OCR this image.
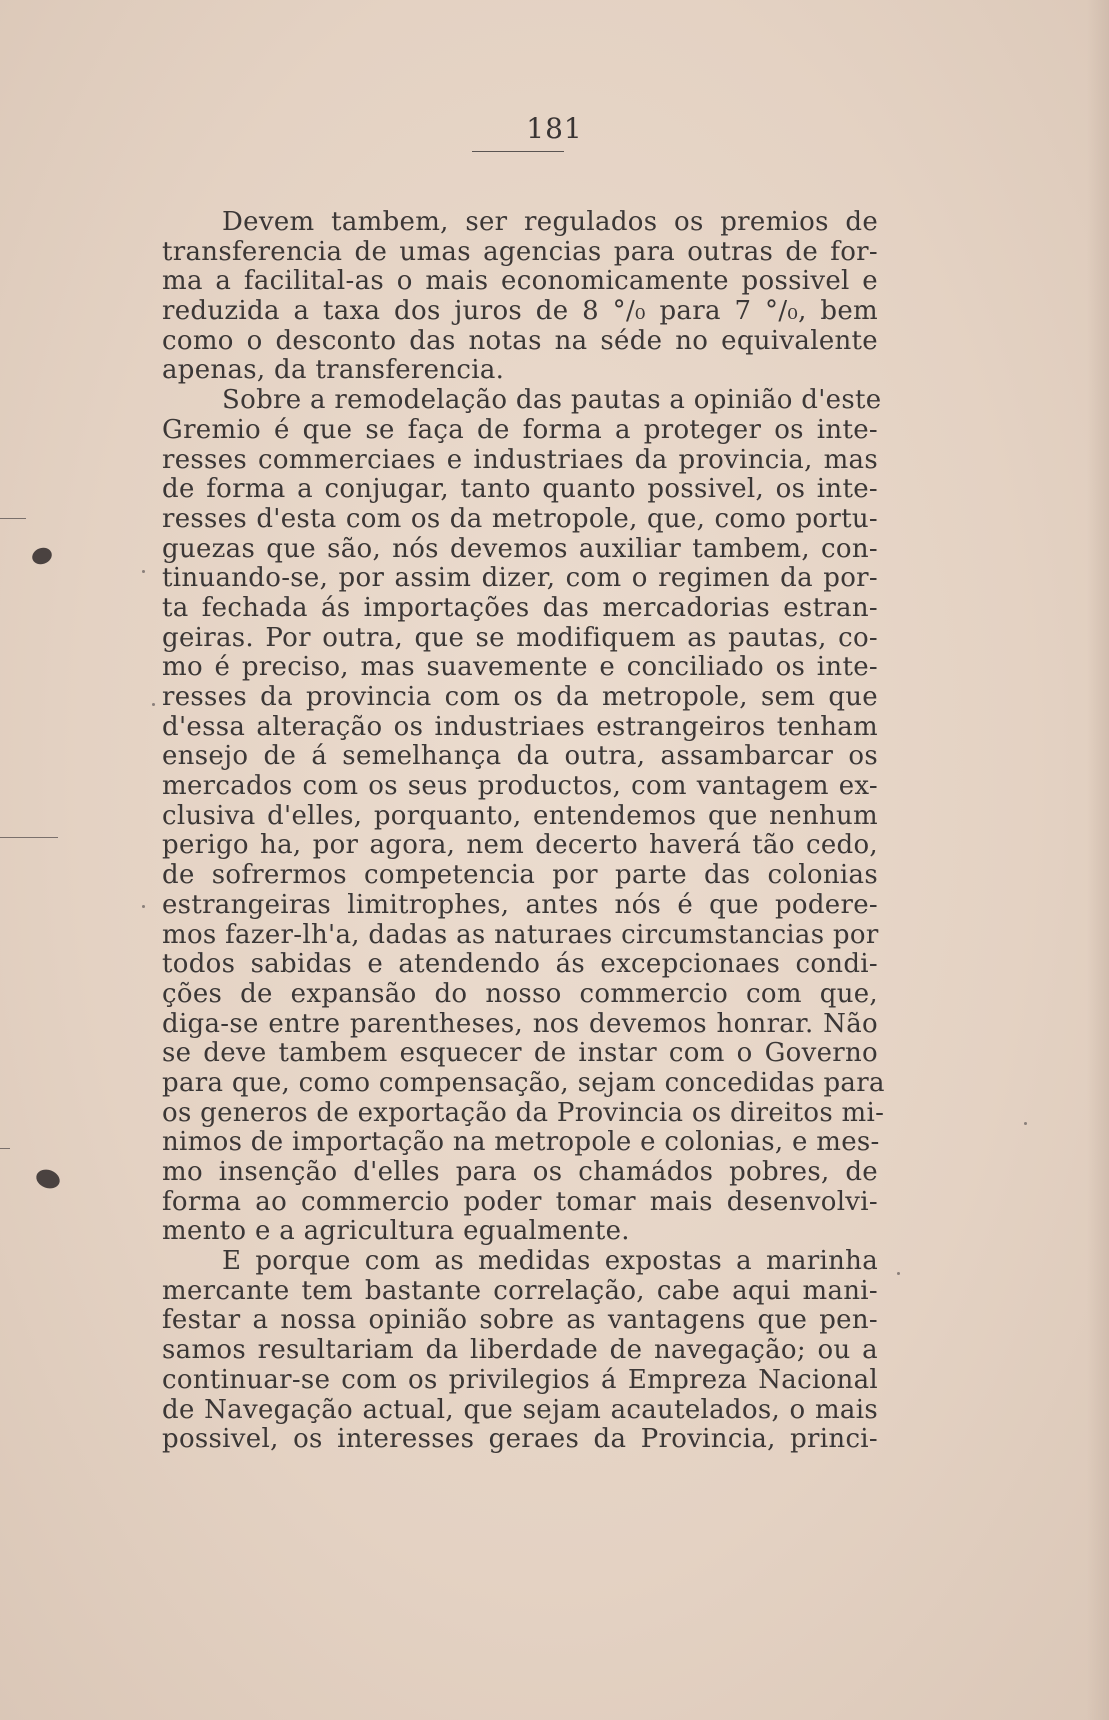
181
Devem tambem, ser regulados os premios de
transferencia de umas agencias para outras de for-
ma a facilital-as o mais economicamente possivel e
reduzida a taxa dos juros de 8 °/₀ para 7 °/₀, bem
como o desconto das notas na séde no equivalente
apenas, da transferencia.
Sobre a remodelação das pautas a opinião d'este
Gremio é que se faça de forma a proteger os inte-
resses commerciaes e industriaes da provincia, mas
de forma a conjugar, tanto quanto possivel, os inte-
resses d'esta com os da metropole, que, como portu-
guezas que são, nós devemos auxiliar tambem, con-
tinuando-se, por assim dizer, com o regimen da por-
ta fechada ás importações das mercadorias estran-
geiras. Por outra, que se modifiquem as pautas, co-
mo é preciso, mas suavemente e conciliado os inte-
resses da provincia com os da metropole, sem que
d'essa alteração os industriaes estrangeiros tenham
ensejo de á semelhança da outra, assambarcar os
mercados com os seus productos, com vantagem ex-
clusiva d'elles, porquanto, entendemos que nenhum
perigo ha, por agora, nem decerto haverá tão cedo,
de sofrermos competencia por parte das colonias
estrangeiras limitrophes, antes nós é que podere-
mos fazer-lh'a, dadas as naturaes circumstancias por
todos sabidas e atendendo ás excepcionaes condi-
ções de expansão do nosso commercio com que,
diga-se entre parentheses, nos devemos honrar. Não
se deve tambem esquecer de instar com o Governo
para que, como compensação, sejam concedidas para
os generos de exportação da Provincia os direitos mi-
nimos de importação na metropole e colonias, e mes-
mo insenção d'elles para os chamádos pobres, de
forma ao commercio poder tomar mais desenvolvi-
mento e a agricultura egualmente.
E porque com as medidas expostas a marinha
mercante tem bastante correlação, cabe aqui mani-
festar a nossa opinião sobre as vantagens que pen-
samos resultariam da liberdade de navegação; ou a
continuar-se com os privilegios á Empreza Nacional
de Navegação actual, que sejam acautelados, o mais
possivel, os interesses geraes da Provincia, princi-
